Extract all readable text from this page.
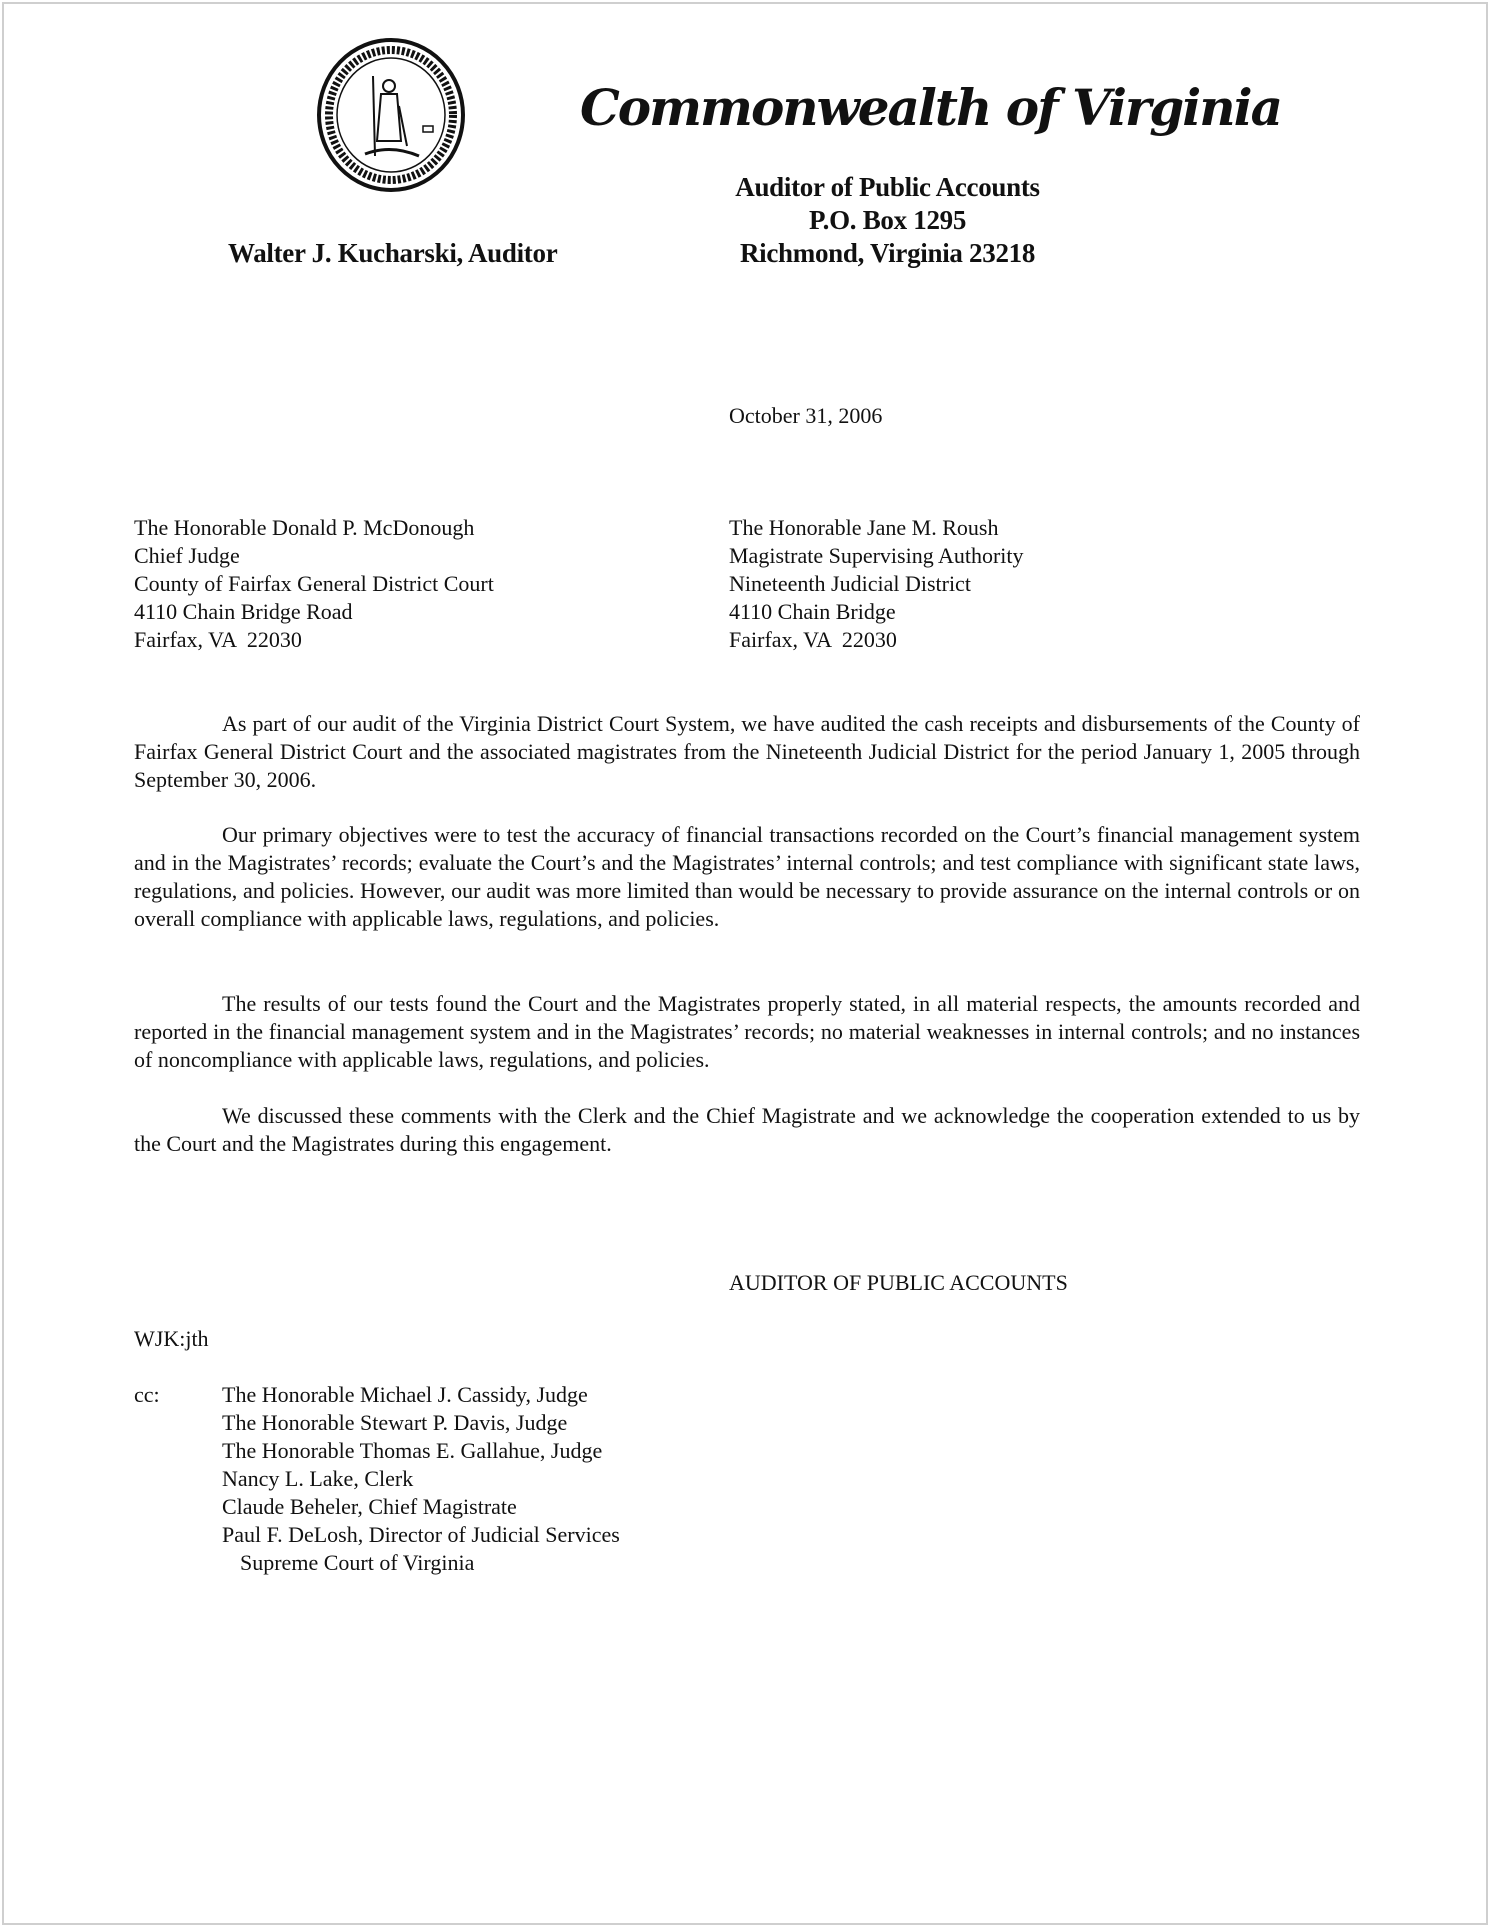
Commonwealth of Virginia
Auditor of Public Accounts
P.O. Box 1295
Richmond, Virginia 23218
Walter J. Kucharski, Auditor
October 31, 2006
The Honorable Donald P. McDonough
Chief Judge
County of Fairfax General District Court
4110 Chain Bridge Road
Fairfax, VA  22030
The Honorable Jane M. Roush
Magistrate Supervising Authority
Nineteenth Judicial District
4110 Chain Bridge
Fairfax, VA  22030

As part of our audit of the Virginia District Court System, we have audited the cash receipts and disbursements of the County of Fairfax General District Court and the associated magistrates from the Nineteenth Judicial District for the period January 1, 2005 through September 30, 2006.

Our primary objectives were to test the accuracy of financial transactions recorded on the Court’s financial management system and in the Magistrates’ records; evaluate the Court’s and the Magistrates’ internal controls; and test compliance with significant state laws, regulations, and policies. However, our audit was more limited than would be necessary to provide assurance on the internal controls or on overall compliance with applicable laws, regulations, and policies.

The results of our tests found the Court and the Magistrates properly stated, in all material respects, the amounts recorded and reported in the financial management system and in the Magistrates’ records; no material weaknesses in internal controls; and no instances of noncompliance with applicable laws, regulations, and policies.

We discussed these comments with the Clerk and the Chief Magistrate and we acknowledge the cooperation extended to us by the Court and the Magistrates during this engagement.

AUDITOR OF PUBLIC ACCOUNTS
WJK:jth
cc:	The Honorable Michael J. Cassidy, Judge
The Honorable Stewart P. Davis, Judge
The Honorable Thomas E. Gallahue, Judge
Nancy L. Lake, Clerk
Claude Beheler, Chief Magistrate
Paul F. DeLosh, Director of Judicial Services
Supreme Court of Virginia
